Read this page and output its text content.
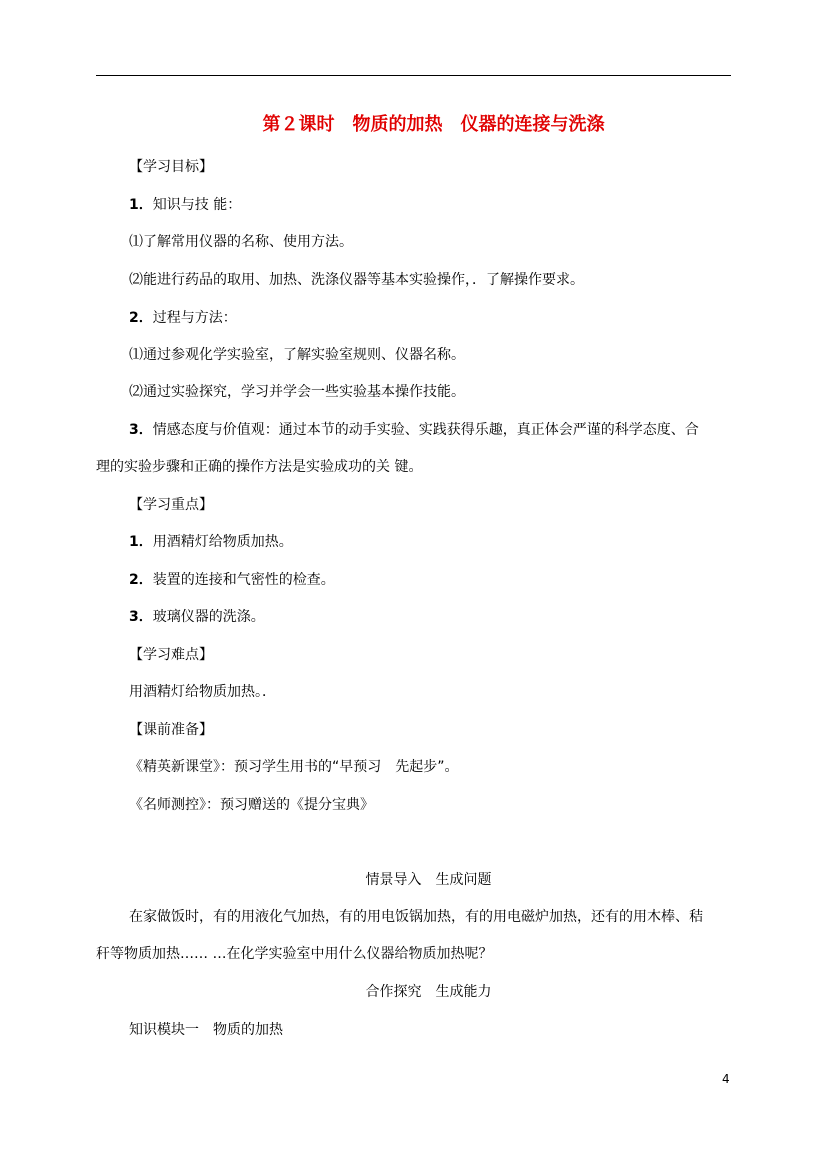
第２课时　物质的加热　仪器的连接与洗涤
【学习目标】
1．知识与技 能：
⑴了解常用仪器的名称、使用方法。
⑵能进行药品的取用、加热、洗涤仪器等基本实验操作，．了解操作要求。
2．过程与方法：
⑴通过参观化学实验室，了解实验室规则、仪器名称。
⑵通过实验探究，学习并学会一些实验基本操作技能。
3．情感态度与价值观：通过本节的动手实验、实践获得乐趣，真正体会严谨的科学态度、合
理的实验步骤和正确的操作方法是实验成功的关 键。
【学习重点】
1．用酒精灯给物质加热。
2．装置的连接和气密性的检查。
3．玻璃仪器的洗涤。
【学习难点】
用酒精灯给物质加热。．
【课前准备】
《精英新课堂》：预习学生用书的“早预习　先起步”。
《名师测控》：预习赠送的《提分宝典》
情景导入　生成问题
在家做饭时，有的用液化气加热，有的用电饭锅加热，有的用电磁炉加热，还有的用木棒、秸
秆等物质加热…… …在化学实验室中用什么仪器给物质加热呢？
合作探究　生成能力
知识模块一　物质的加热
4
